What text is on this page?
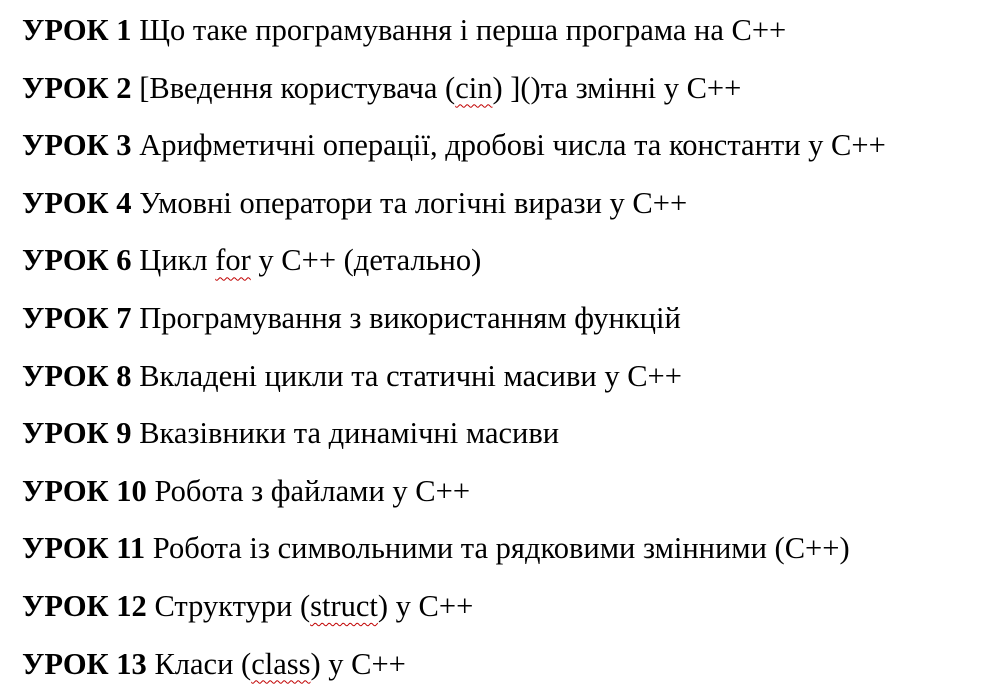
УРОК 1 Що таке програмування і перша програма на C++
УРОК 2 [Введення користувача (cin) ]()та змінні у C++
УРОК 3 Арифметичні операції, дробові числа та константи у C++
УРОК 4 Умовні оператори та логічні вирази у C++
УРОК 6 Цикл for у C++ (детально)
УРОК 7 Програмування з використанням функцій
УРОК 8 Вкладені цикли та статичні масиви у C++
УРОК 9 Вказівники та динамічні масиви
УРОК 10 Робота з файлами у C++
УРОК 11 Робота із символьними та рядковими змінними (C++)
УРОК 12 Структури (struct) у C++
УРОК 13 Класи (class) у C++
